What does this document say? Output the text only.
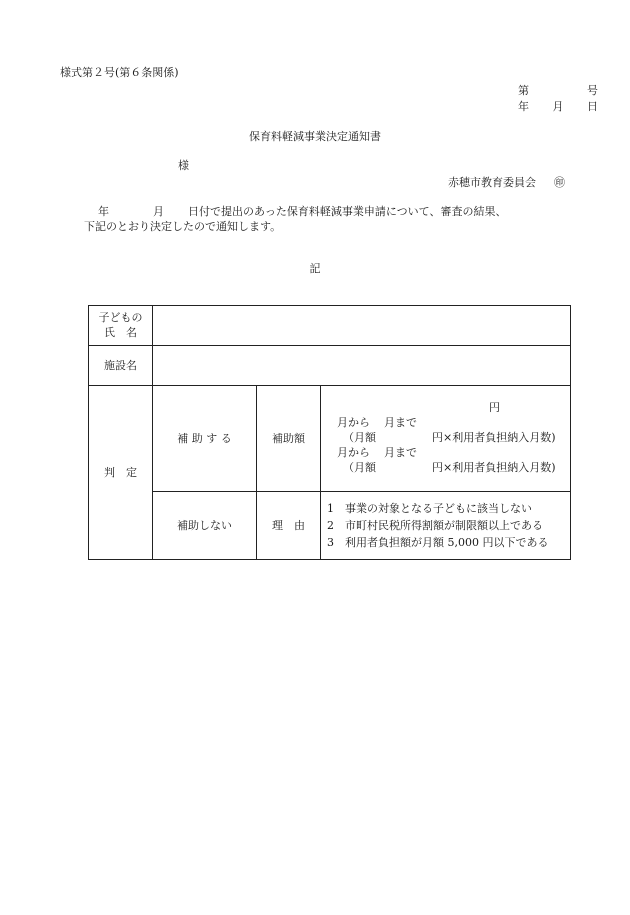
様式第２号(第６条関係)
第	号
年 月 日
保育料軽減事業決定通知書
様
赤穂市教育委員会 ㊞
年	月 日付で提出のあった保育料軽減事業申請について、審査の結果、
下記のとおり決定したので通知します。
記
子どもの
氏　名			

施設名			
判　定	補 助 す る	補助額	円
月から 月まで
（月額 円×利用者負担納入月数)
月から 月まで
（月額 円×利用者負担納入月数)

	補助しない	理　由	1 事業の対象となる子どもに該当しない
2 市町村民税所得割額が制限額以上である
3 利用者負担額が月額 5,000 円以下である
